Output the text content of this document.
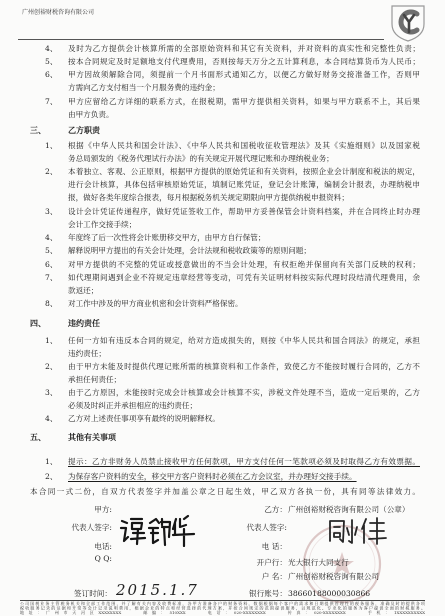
广州创裕财税咨询有限公司
4、	及时为乙方提供会计核算所需的全部原始资料和其它有关资料，并对资料的真实性和完整性负责；
5、	按本合同规定及时足额地支付代理费用，否则按每天万分之五计算利息，本合同结算货币为人民币；
6、	甲方因故须解除合同，须提前一个月书面形式通知乙方，以便乙方做好财务交接准备工作，否则甲
方需向乙方支付相当一个月服务费的违约金；
7、	甲方应留给乙方详细的联系方式，在报税期，需甲方提供相关资料，如果与甲方联系不上，其后果
由甲方负责。
三、	乙方职责
1、	根据《中华人民共和国会计法》、《中华人民共和国税收征收管理法》及其《实施细则》以及国家税
务总局颁发的《税务代理试行办法》的有关规定开展代理记账和办理纳税业务；
2、	本着独立、客观、公正原则，根据甲方提供的原始凭证和有关资料，按照企业会计制度和税法的规定，
进行会计核算，具体包括审核原始凭证，填制记账凭证，登记会计账簿，编制会计报表，办理纳税申
报，做好各类年度综合报表，每月根据税务机关规定期限向甲方提供纳税申报资料；
3、	设计会计凭证传递程序，做好凭证签收工作，帮助甲方妥善保管会计资料档案，并在合同终止时办理
会计工作交接手续；
4、	年度终了后一次性将会计账册移交甲方，由甲方自行保管；
5、	解释说明甲方提出的有关会计处理，会计法规和税收政策等的原则问题；
6、	对甲方提供的不完整的凭证或授意做出的不当会计处理，有权拒绝并保留向有关部门反映的权利；
7、	如代理期间遇到企业不符规定违章经营等变动，可凭有关证明材料按实际代理时段结清代理费用，余
款返还；
8、	对工作中涉及的甲方商业机密和会计资料严格保密。
四、	违约责任
1、	任何一方如有违反本合同的规定，给对方造成损失的，则按《中华人民共和国合同法》的规定，承担
违约责任；
2、	由于甲方未能及时提供代理记账所需的核算资料和工作条件，致使乙方不能按时履行合同的，乙方不
承担任何责任；
3、	由于乙方原因，未能按时完成会计核算或会计核算不实，涉税文件处理不当，造成一定后果的，乙方
必须及时纠正并承担相应的违约责任；
4、	乙方对上述责任事项享有最终的说明解释权。
五、	其他有关事项
1、	提示：乙方非财务人员禁止接收甲方任何款项，甲方支付任何一笔款项必须及时取得乙方有效票据。
2、	为保存客户资料的安全，移交甲方客户资料时必须在乙方会议室，并办理好交接手续。
本合同一式二份，自双方代表签字并加盖公章之日起生效，甲乙双方各执一份，具有同等法律效力。
甲方:
代表人签字:
电话:
Q Q:
签订时间： 2015.1.7
乙方： 广州创裕财税咨询有限公司（公章）
代表人签字:
电 话：
开户行： 光大银行大同支行
户 名： 广州创裕财税咨询有限公司
银行账号： 38660188000030866
公司国税业务主管税务机关和全部工作范围，并了解有关内容及收费标准，各甲方准备各户的财务资料，数据根据每个客户的需求和日期提供管理性的税务服务，准确及时的提供各项
税收服务记录的证据和开票等会计记录说明费用，根据企业的特点和经营选择的代理方案，并按合同规定的范围提供服务，以规范化、专业化的服务为客户提供全面的财税服务。
地址：广州市天河区XXXXXXXX　　邮编：510XXX　　电话：020-XXXXXXXX　　传真：020-XXXXXXXX　　手机：1XXXXXXXXXX
